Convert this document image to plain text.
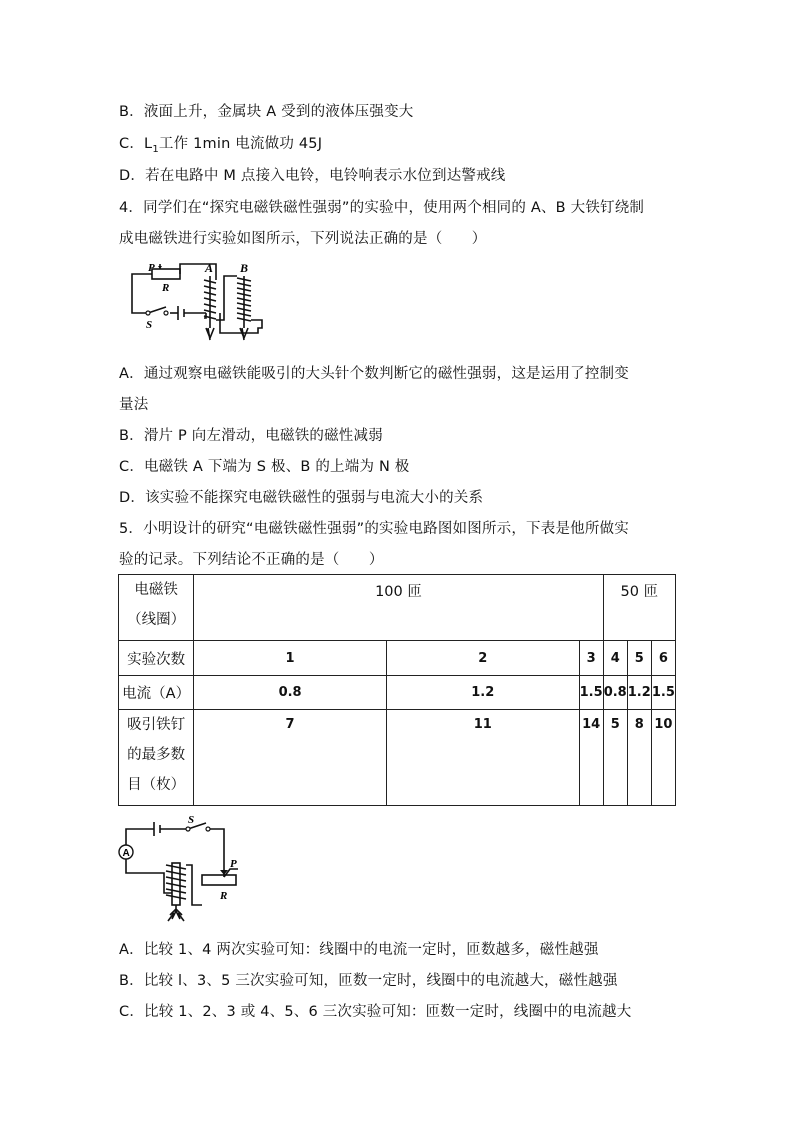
B．液面上升，金属块 A 受到的液体压强变大
C．$L_1$工作 1min 电流做功 45J
D．若在电路中 M 点接入电铃，电铃响表示水位到达警戒线
4．同学们在“探究电磁铁磁性强弱”的实验中，使用两个相同的 A、B 大铁钉绕制
成电磁铁进行实验如图所示，下列说法正确的是（　　）
P
R
S
A B
A．通过观察电磁铁能吸引的大头针个数判断它的磁性强弱，这是运用了控制变
量法
B．滑片 P 向左滑动，电磁铁的磁性减弱
C．电磁铁 A 下端为 S 极、B 的上端为 N 极
D．该实验不能探究电磁铁磁性的强弱与电流大小的关系
5．小明设计的研究“电磁铁磁性强弱”的实验电路图如图所示，下表是他所做实
验的记录。下列结论不正确的是（　　）
电磁铁
（线圈）	100 匝			50 匝		

实验次数	1	2	3	4	5	6
电流（A）	0.8	1.2	1.5	0.8	1.2	1.5

吸引铁钉
的最多数
目（枚）	7	11	14	5	8	10
A
S
P
R
A．比较 1、4 两次实验可知：线圈中的电流一定时，匝数越多，磁性越强
B．比较 l、3、5 三次实验可知，匝数一定时，线圈中的电流越大，磁性越强
C．比较 1、2、3 或 4、5、6 三次实验可知：匝数一定时，线圈中的电流越大
